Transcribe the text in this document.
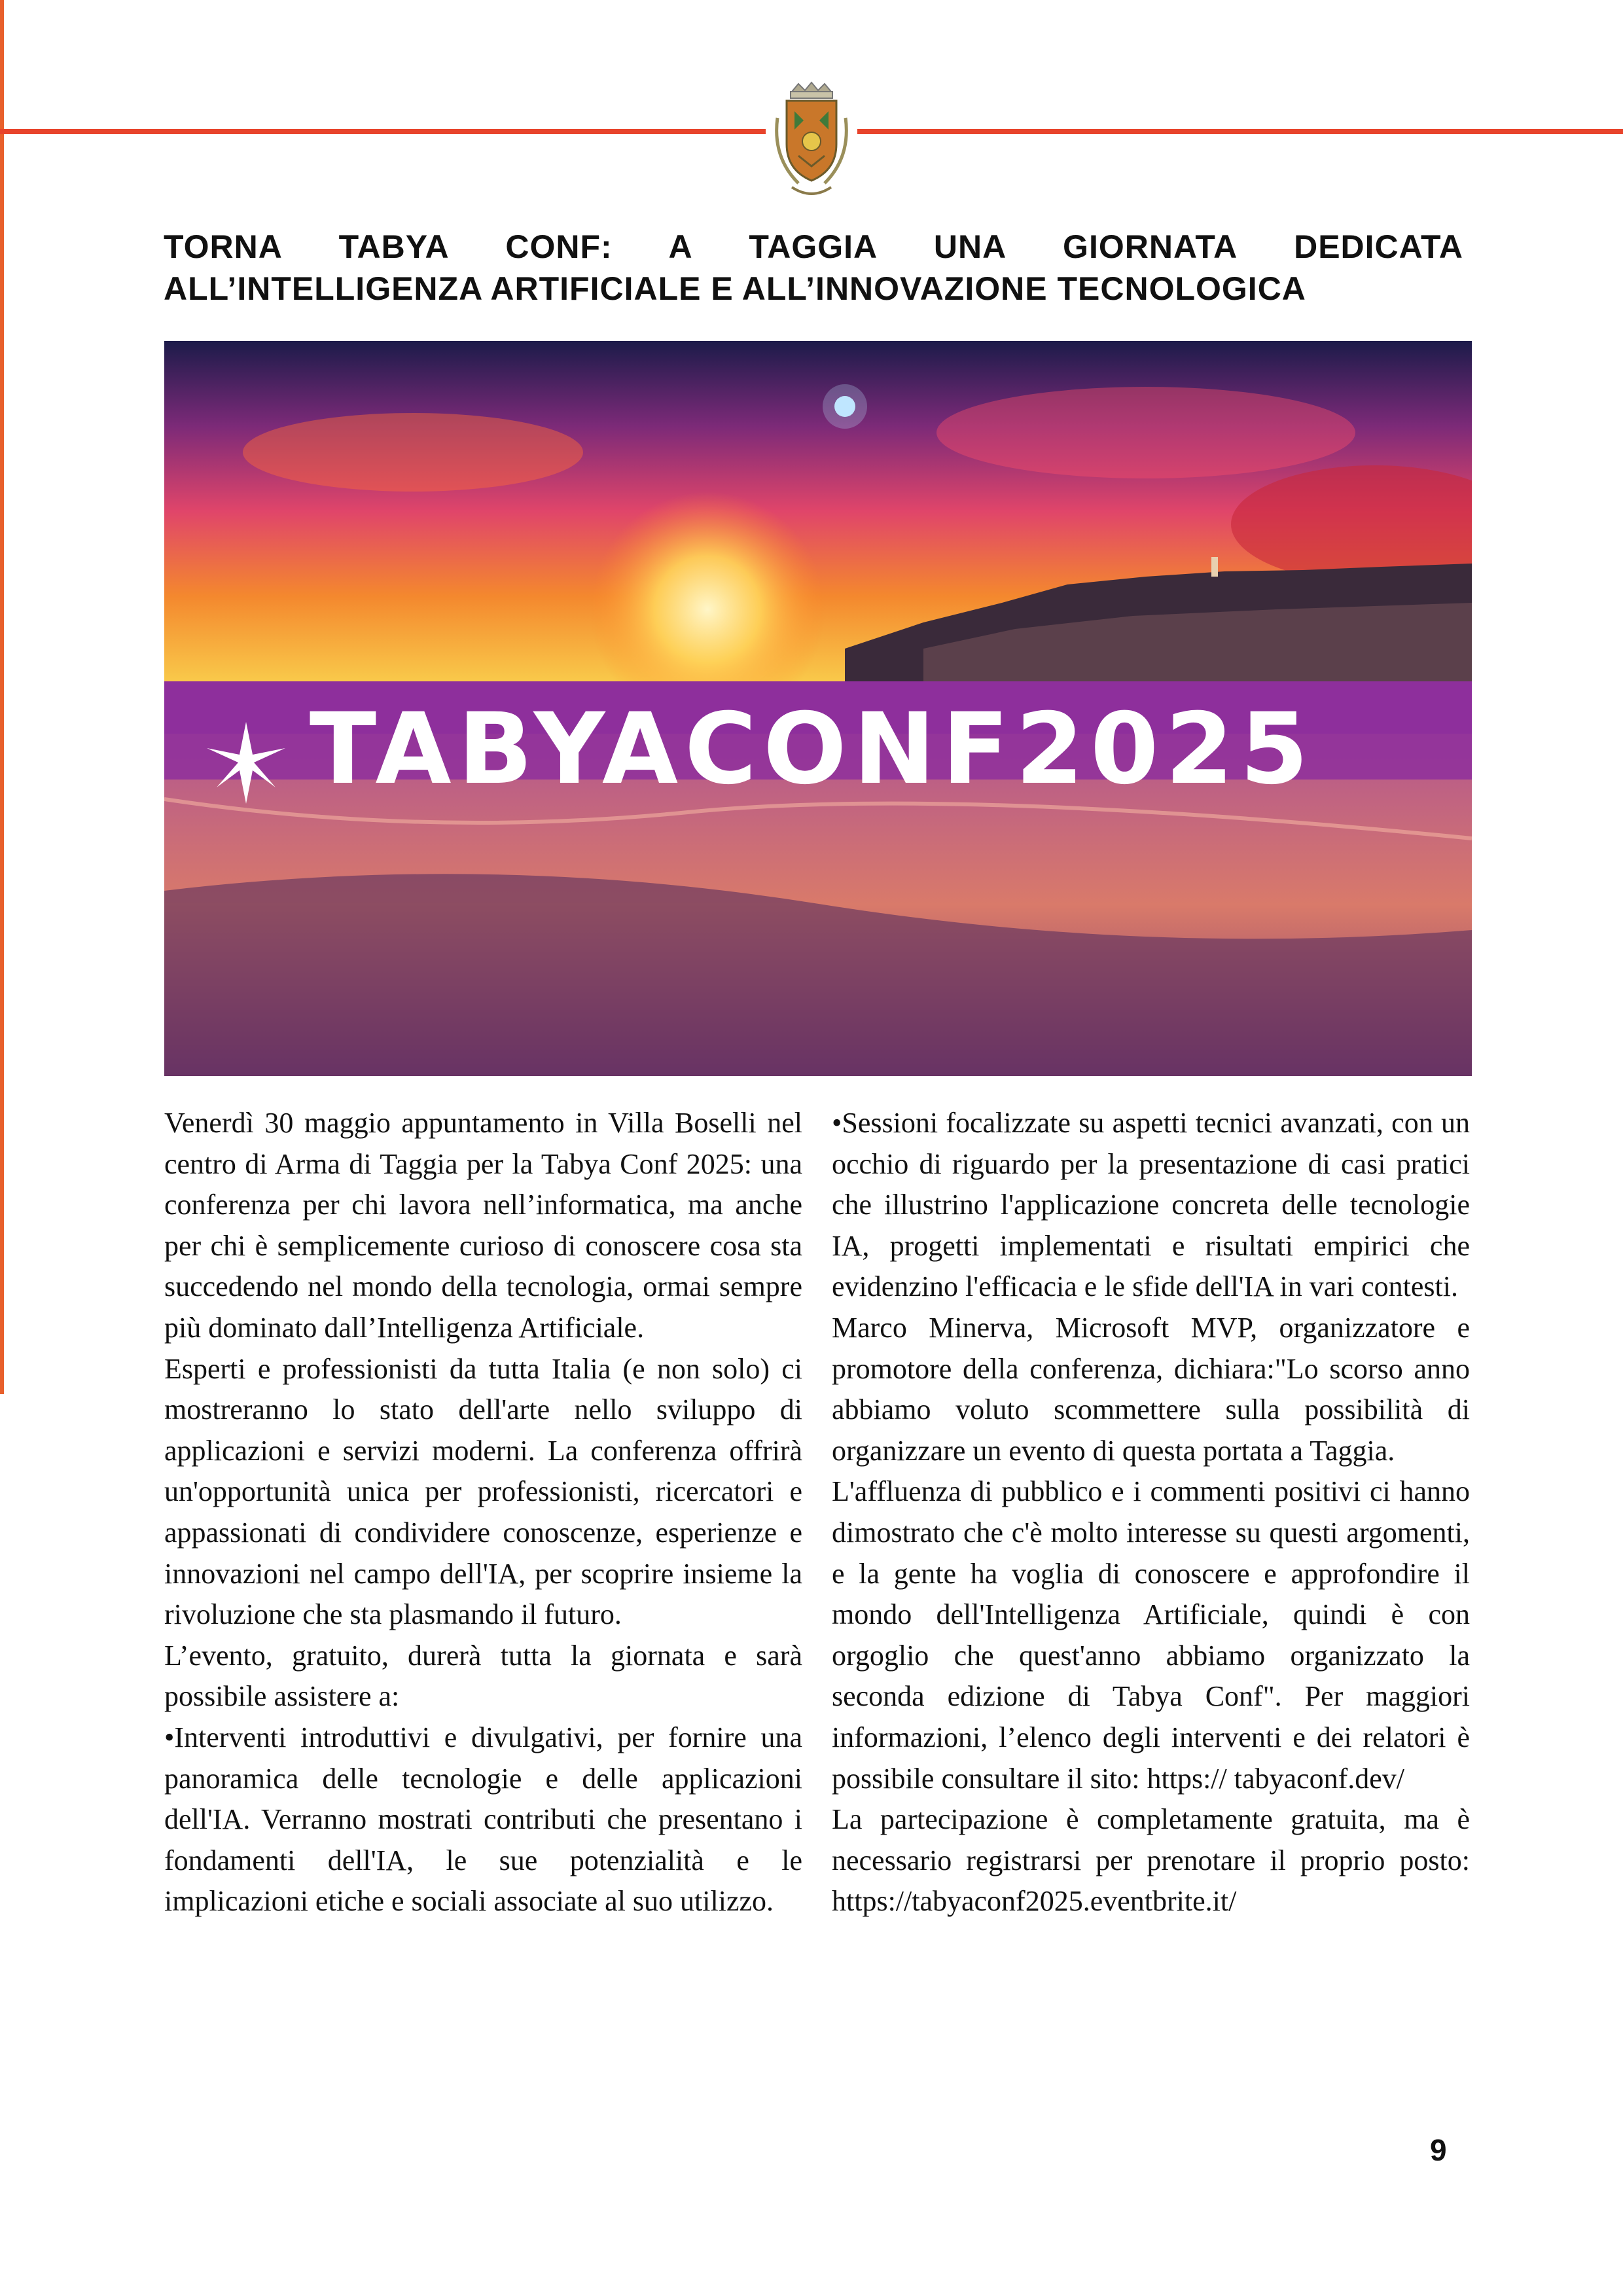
TORNA TABYA CONF: A TAGGIA UNA GIORNATA DEDICATA
ALL’INTELLIGENZA ARTIFICIALE E ALL’INNOVAZIONE TECNOLOGICA
TABYACONF2025

Venerdì 30 maggio appuntamento in Villa Boselli nel centro di Arma di Taggia per la Tabya Conf 2025: una conferenza per chi lavora nell’informatica, ma anche per chi è semplicemente curioso di conoscere cosa sta succedendo nel mondo della tecnologia, ormai sempre più dominato dall’Intelligenza Artificiale.

Esperti e professionisti da tutta Italia (e non solo) ci mostreranno lo stato dell'arte nello sviluppo di applicazioni e servizi moderni. La conferenza offrirà un'opportunità unica per professionisti, ricercatori e appassionati di condividere conoscenze, esperienze e innovazioni nel campo dell'IA, per scoprire insieme la rivoluzione che sta plasmando il futuro.

L’evento, gratuito, durerà tutta la giornata e sarà possibile assistere a:

•Interventi introduttivi e divulgativi, per fornire una panoramica delle tecnologie e delle applicazioni dell'IA. Verranno mostrati contributi che presentano i fondamenti dell'IA, le sue potenzialità e le implicazioni etiche e sociali associate al suo utilizzo.

•Sessioni focalizzate su aspetti tecnici avanzati, con un occhio di riguardo per la presentazione di casi pratici che illustrino l'applicazione concreta delle tecnologie IA, progetti implementati e risultati empirici che evidenzino l'efficacia e le sfide dell'IA in vari contesti.

Marco Minerva, Microsoft MVP, organizzatore e promotore della conferenza, dichiara:"Lo scorso anno abbiamo voluto scommettere sulla possibilità di organizzare un evento di questa portata a Taggia.

L'affluenza di pubblico e i commenti positivi ci hanno dimostrato che c'è molto interesse su questi argomenti, e la gente ha voglia di conoscere e approfondire il mondo dell'Intelligenza Artificiale, quindi è con orgoglio che quest'anno abbiamo organizzato la seconda edizione di Tabya Conf". Per maggiori informazioni, l’elenco degli interventi e dei relatori è possibile consultare il sito: https:// tabyaconf.dev/

La partecipazione è completamente gratuita, ma è necessario registrarsi per prenotare il proprio posto: https://tabyaconf2025.eventbrite.it/

9
